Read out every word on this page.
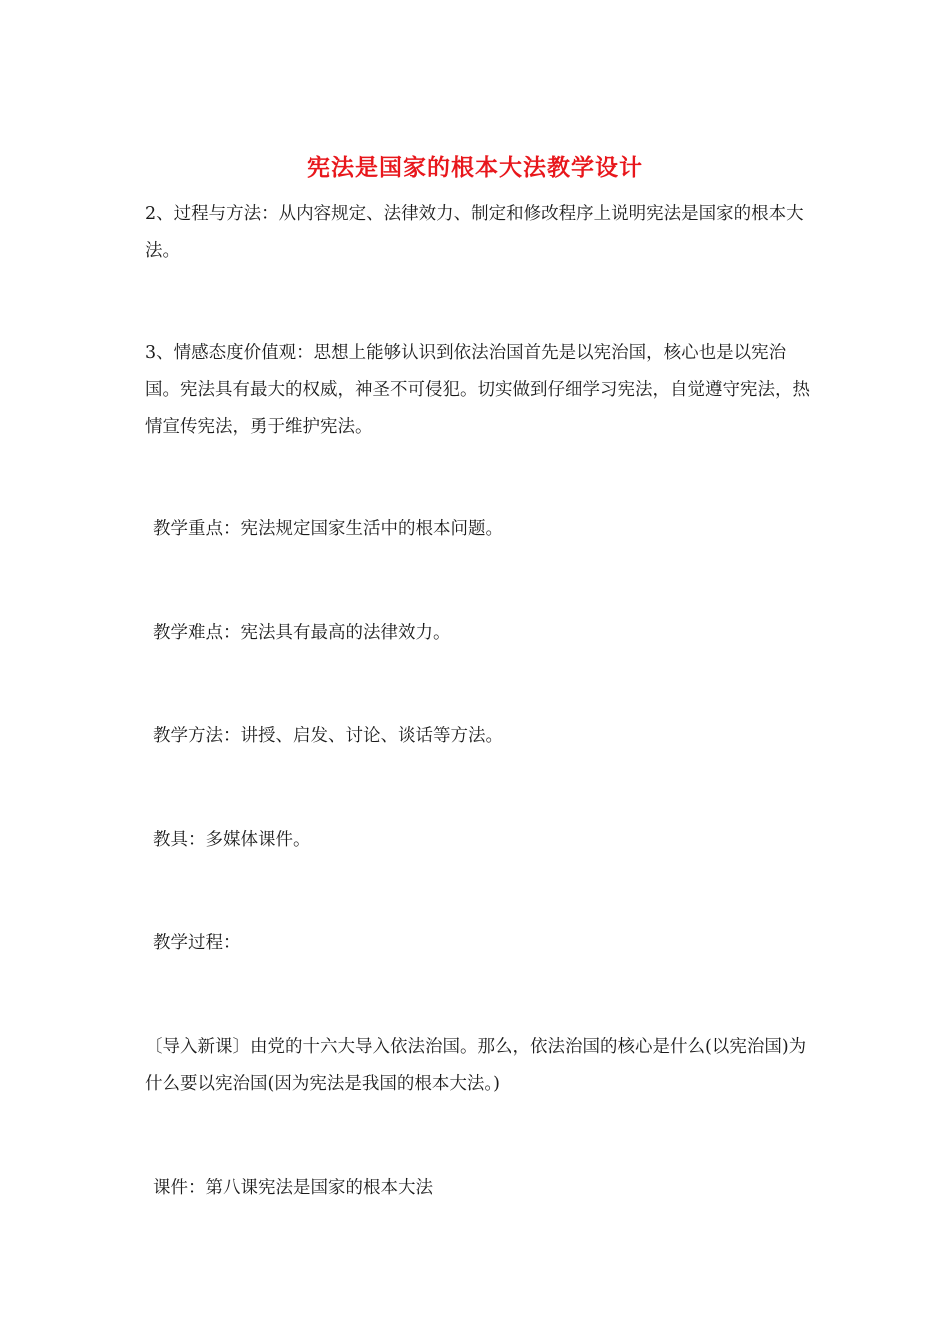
宪法是国家的根本大法教学设计

2、过程与方法：从内容规定、法律效力、制定和修改程序上说明宪法是国家的根本大法。

3、情感态度价值观：思想上能够认识到依法治国首先是以宪治国，核心也是以宪治国。宪法具有最大的权威，神圣不可侵犯。切实做到仔细学习宪法，自觉遵守宪法，热情宣传宪法，勇于维护宪法。

教学重点：宪法规定国家生活中的根本问题。

教学难点：宪法具有最高的法律效力。

教学方法：讲授、启发、讨论、谈话等方法。

教具：多媒体课件。

教学过程：

〔导入新课〕由党的十六大导入依法治国。那么，依法治国的核心是什么(以宪治国)为什么要以宪治国(因为宪法是我国的根本大法。)

课件：第八课宪法是国家的根本大法
